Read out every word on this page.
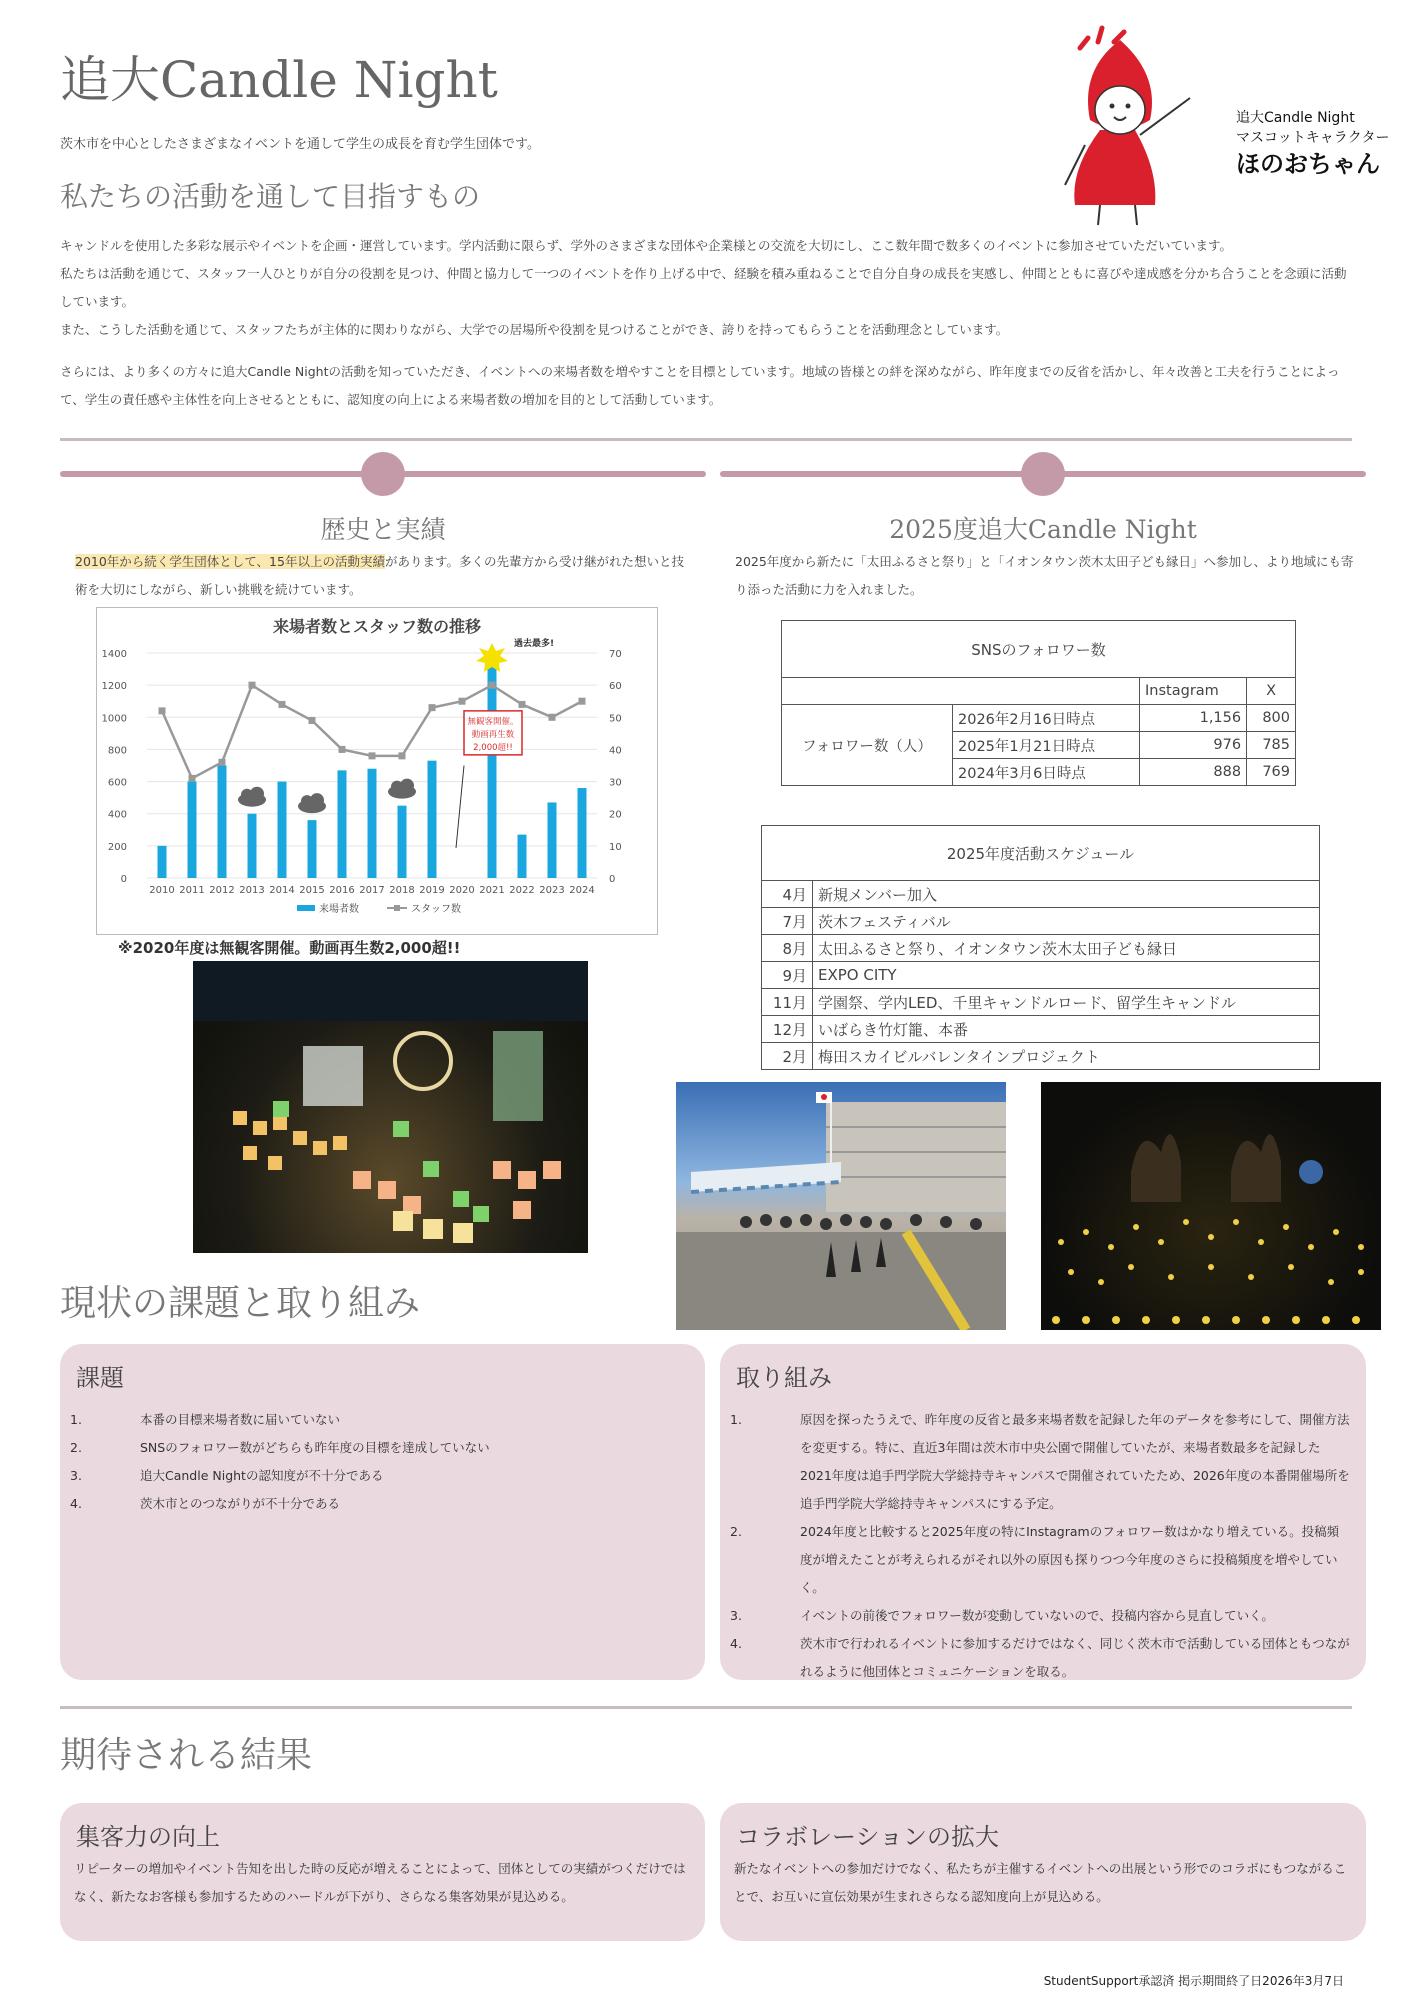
追大Candle Night
茨木市を中心としたさまざまなイベントを通して学生の成長を育む学生団体です。
追大Candle Night
マスコットキャラクター
ほのおちゃん
私たちの活動を通して目指すもの
キャンドルを使用した多彩な展示やイベントを企画・運営しています。学内活動に限らず、学外のさまざまな団体や企業様との交流を大切にし、ここ数年間で数多くのイベントに参加させていただいています。
私たちは活動を通じて、スタッフ一人ひとりが自分の役割を見つけ、仲間と協力して一つのイベントを作り上げる中で、経験を積み重ねることで自分自身の成長を実感し、仲間とともに喜びや達成感を分かち合うことを念頭に活動しています。
また、こうした活動を通じて、スタッフたちが主体的に関わりながら、大学での居場所や役割を見つけることができ、誇りを持ってもらうことを活動理念としています。
さらには、より多くの方々に追大Candle Nightの活動を知っていただき、イベントへの来場者数を増やすことを目標としています。地域の皆様との絆を深めながら、昨年度までの反省を活かし、年々改善と工夫を行うことによって、学生の責任感や主体性を向上させるとともに、認知度の向上による来場者数の増加を目的として活動しています。
歴史と実績
2010年から続く学生団体として、15年以上の活動実績があります。多くの先輩方から受け継がれた想いと技術を大切にしながら、新しい挑戦を続けています。
来場者数とスタッフ数の推移
0
200
400
600
800
1000
1200
1400
0
10
20
30
40
50
60
70
2010 2011 2012 2013 2014 2015 2016 2017 2018 2019 2020 2021 2022 2023 2024
過去最多!
無観客開催。
動画再生数
2,000超!!
来場者数	スタッフ数
※2020年度は無観客開催。動画再生数2,000超!!
2025度追大Candle Night
2025年度から新たに「太田ふるさと祭り」と「イオンタウン茨木太田子ども縁日」へ参加し、より地域にも寄り添った活動に力を入れました。
SNSのフォロワー数			
		Instagram	X
フォロワー数（人）	2026年2月16日時点	1,156	800
	2025年1月21日時点	976	785
	2024年3月6日時点	888	769
2025年度活動スケジュール	
4月	新規メンバー加入
7月	茨木フェスティバル
8月	太田ふるさと祭り、イオンタウン茨木太田子ども縁日
9月	EXPO CITY
11月	学園祭、学内LED、千里キャンドルロード、留学生キャンドル
12月	いばらき竹灯籠、本番
2月	梅田スカイビルバレンタインプロジェクト
現状の課題と取り組み
課題
1.	本番の目標来場者数に届いていない
2.	SNSのフォロワー数がどちらも昨年度の目標を達成していない
3.	追大Candle Nightの認知度が不十分である
4.	茨木市とのつながりが不十分である
取り組み
1.	原因を探ったうえで、昨年度の反省と最多来場者数を記録した年のデータを参考にして、開催方法を変更する。特に、直近3年間は茨木市中央公園で開催していたが、来場者数最多を記録した2021年度は追手門学院大学総持寺キャンパスで開催されていたため、2026年度の本番開催場所を追手門学院大学総持寺キャンパスにする予定。
2.	2024年度と比較すると2025年度の特にInstagramのフォロワー数はかなり増えている。投稿頻度が増えたことが考えられるがそれ以外の原因も探りつつ今年度のさらに投稿頻度を増やしていく。
3.	イベントの前後でフォロワー数が変動していないので、投稿内容から見直していく。
4.	茨木市で行われるイベントに参加するだけではなく、同じく茨木市で活動している団体ともつながれるように他団体とコミュニケーションを取る。
期待される結果
集客力の向上

リピーターの増加やイベント告知を出した時の反応が増えることによって、団体としての実績がつくだけではなく、新たなお客様も参加するためのハードルが下がり、さらなる集客効果が見込める。

コラボレーションの拡大

新たなイベントへの参加だけでなく、私たちが主催するイベントへの出展という形でのコラボにもつながることで、お互いに宣伝効果が生まれさらなる認知度向上が見込める。

StudentSupport承認済 掲示期間終了日2026年3月7日
